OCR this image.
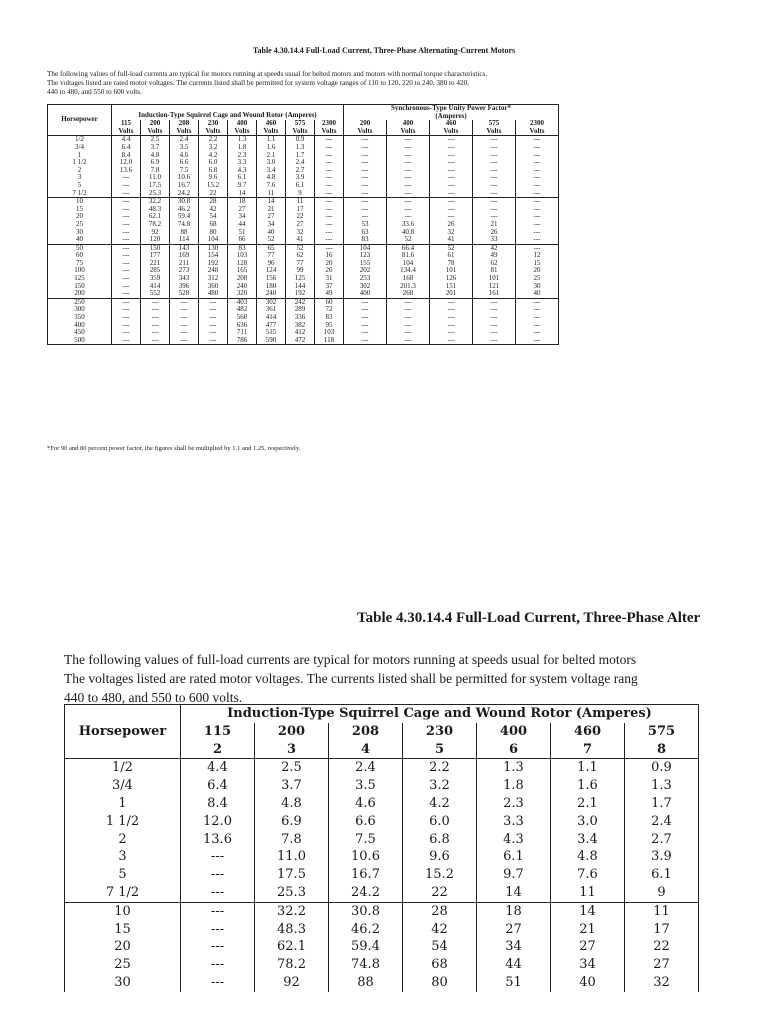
Table 4.30.14.4 Full-Load Current, Three-Phase Alternating-Current Motors
The following values of full-load currents are typical for motors running at speeds usual for belted motors and motors with normal torque characteristics.
The voltages listed are rated motor voltages. The currents listed shall be permitted for system voltage ranges of 110 to 120, 220 to 240, 380 to 420,
440 to 480, and 550 to 600 volts.
Horsepower	Induction-Type Squirrel Cage and Wound Rotor (Amperes)								Synchronous-Type Unity Power Factor*
(Amperes)				

	115	200	208	230	400	460	575	2300	200	400	460	575	2300
	Volts	Volts	Volts	Volts	Volts	Volts	Volts	Volts	Volts	Volts	Volts	Volts	Volts
1/2	4.4	2.5	2.4	2.2	1.3	1.1	0.9	---	---	---	---	---	---
3/4	6.4	3.7	3.5	3.2	1.8	1.6	1.3	---	---	---	---	---	---
1	8.4	4.8	4.6	4.2	2.3	2.1	1.7	---	---	---	---	---	---
1 1/2	12.0	6.9	6.6	6.0	3.3	3.0	2.4	---	---	---	---	---	---
2	13.6	7.8	7.5	6.8	4.3	3.4	2.7	---	---	---	---	---	---
3	---	11.0	10.6	9.6	6.1	4.8	3.9	---	---	---	---	---	---
5	---	17.5	16.7	15.2	9.7	7.6	6.1	---	---	---	---	---	---
7 1/2	---	25.3	24.2	22	14	11	9	---	---	---	---	---	---
10	---	32.2	30.8	28	18	14	11	---	---	---	---	---	---
15	---	48.3	46.2	42	27	21	17	---	---	---	---	---	---
20	---	62.1	59.4	54	34	27	22	---	---	---	---	---	---
25	---	78.2	74.8	68	44	34	27	---	53	33.6	26	21	---
30	---	92	88	80	51	40	32	---	63	40.8	32	26	---
40	---	120	114	104	66	52	41	---	83	52	41	33	---
50	---	150	143	130	83	65	52	---	104	66.4	52	42	---
60	---	177	169	154	103	77	62	16	123	81.6	61	49	12
75	---	221	211	192	128	96	77	20	155	104	78	62	15
100	---	285	273	248	165	124	99	26	202	134.4	101	81	20
125	---	359	343	312	208	156	125	31	253	168	126	101	25
150	---	414	396	360	240	180	144	37	302	201.3	151	121	30
200	---	552	528	480	320	240	192	49	400	268	201	161	40
250	---	---	---	---	403	302	242	60	---	---	---	---	---
300	---	---	---	---	482	361	289	72	---	---	---	---	---
350	---	---	---	---	560	414	336	83	---	---	---	---	---
400	---	---	---	---	636	477	382	95	---	---	---	---	---
450	---	---	---	---	711	515	412	103	---	---	---	---	---
500	---	---	---	---	786	590	472	118	---	---	---	---	---
*For 90 and 80 percent power factor, the figures shall be multiplied by 1.1 and 1.25, respectively.
Table 4.30.14.4 Full-Load Current, Three-Phase Alter
The following values of full-load currents are typical for motors running at speeds usual for belted motors
The voltages listed are rated motor voltages. The currents listed shall be permitted for system voltage rang
440 to 480, and 550 to 600 volts.
Horsepower	Induction-Type Squirrel Cage and Wound Rotor (Amperes)						
	115	200	208	230	400	460	575
	2	3	4	5	6	7	8
1/2	4.4	2.5	2.4	2.2	1.3	1.1	0.9
3/4	6.4	3.7	3.5	3.2	1.8	1.6	1.3
1	8.4	4.8	4.6	4.2	2.3	2.1	1.7
1 1/2	12.0	6.9	6.6	6.0	3.3	3.0	2.4
2	13.6	7.8	7.5	6.8	4.3	3.4	2.7
3	---	11.0	10.6	9.6	6.1	4.8	3.9
5	---	17.5	16.7	15.2	9.7	7.6	6.1
7 1/2	---	25.3	24.2	22	14	11	9
10	---	32.2	30.8	28	18	14	11
15	---	48.3	46.2	42	27	21	17
20	---	62.1	59.4	54	34	27	22
25	---	78.2	74.8	68	44	34	27
30	---	92	88	80	51	40	32
